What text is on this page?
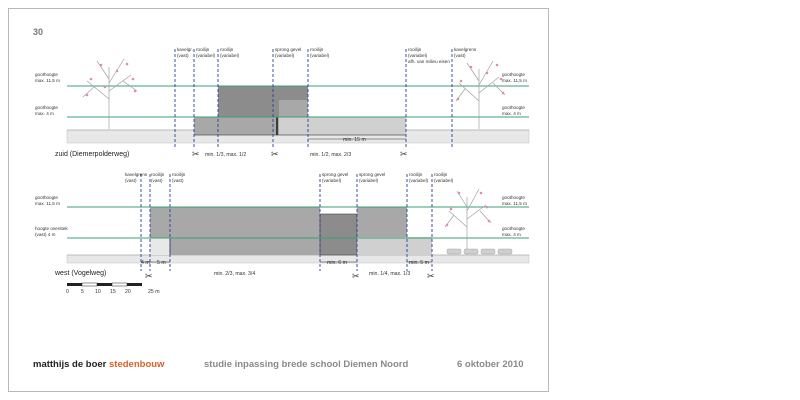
30
kavelgr. (vast)
rooilijn (variabel)
rooilijn (variabel)
sprong gevel (variabel)
rooilijn (variabel)
rooilijn (variabel) afh. van milieu eisen
kavelgrens (vast)
goothoogte max. 11,5 m
goothoogte max. 4 m
goothoogte max. 11,5 m
goothoogte max. 4 m
min. 15 m
min. 1/3, max. 1/2	min. 1/2, max. 2/3
zuid (Diemerpolderweg)	✂	✂	✂
kavelgrens (vast)
rooilijn (vast)
rooilijn (vast)
sprong gevel (variabel)
sprong gevel (variabel)
rooilijn (variabel)
rooilijn (variabel)
goothoogte max. 11,5 m
hoogte overstek (vast) 4 m
goothoogte max. 11,5 m
goothoogte max. 4 m
4 m 5 m	min. 6 m	min. 5 m
min. 2/3, max. 3/4	min. 1/4, max. 1/3
west (Vogelweg)	✂	✂	✂
0 5 10 15 20	25 m
matthijs de boer stedenbouw	studie inpassing brede school Diemen Noord	6 oktober 2010
